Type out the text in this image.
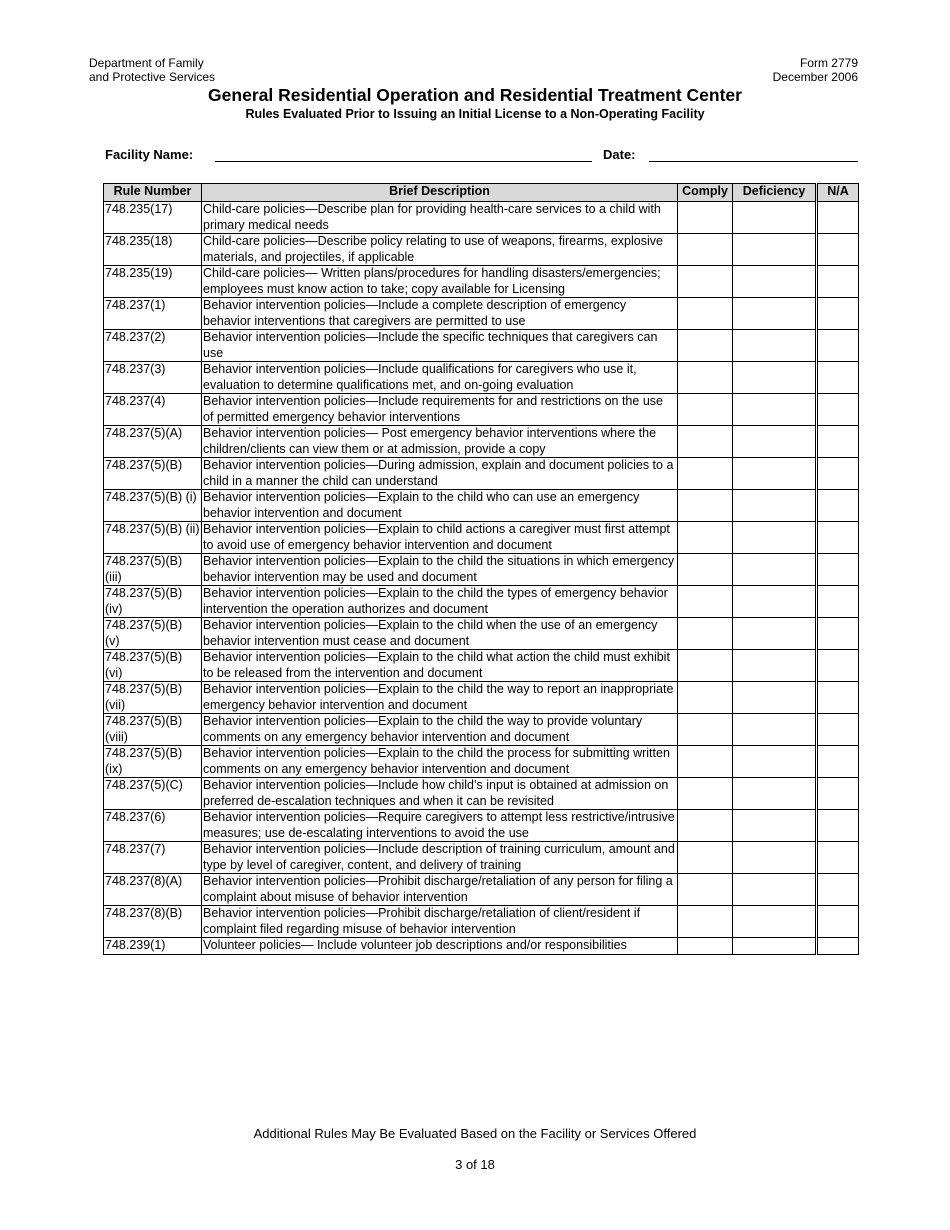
Department of Family
and Protective Services
Form 2779
December 2006
General Residential Operation and Residential Treatment Center
Rules Evaluated Prior to Issuing an Initial License to a Non-Operating Facility
Facility Name:	Date:
Rule Number	Brief Description	Comply	Deficiency	N/A
748.235(17)	Child-care policies—Describe plan for providing health-care services to a child with primary medical needs			
748.235(18)	Child-care policies—Describe policy relating to use of weapons, firearms, explosive materials, and projectiles, if applicable			
748.235(19)	Child-care policies— Written plans/procedures for handling disasters/emergencies; employees must know action to take; copy available for Licensing			
748.237(1)	Behavior intervention policies—Include a complete description of emergency behavior interventions that caregivers are permitted to use			
748.237(2)	Behavior intervention policies—Include the specific techniques that caregivers can use			
748.237(3)	Behavior intervention policies—Include qualifications for caregivers who use it, evaluation to determine qualifications met, and on-going evaluation			
748.237(4)	Behavior intervention policies—Include requirements for and restrictions on the use of permitted emergency behavior interventions			
748.237(5)(A)	Behavior intervention policies— Post emergency behavior interventions where the children/clients can view them or at admission, provide a copy			
748.237(5)(B)	Behavior intervention policies—During admission, explain and document policies to a child in a manner the child can understand			
748.237(5)(B) (i)	Behavior intervention policies—Explain to the child who can use an emergency behavior intervention and document			
748.237(5)(B) (ii)	Behavior intervention policies—Explain to child actions a caregiver must first attempt to avoid use of emergency behavior intervention and document			
748.237(5)(B) (iii)	Behavior intervention policies—Explain to the child the situations in which emergency behavior intervention may be used and document			
748.237(5)(B) (iv)	Behavior intervention policies—Explain to the child the types of emergency behavior intervention the operation authorizes and document			
748.237(5)(B) (v)	Behavior intervention policies—Explain to the child when the use of an emergency behavior intervention must cease and document			
748.237(5)(B) (vi)	Behavior intervention policies—Explain to the child what action the child must exhibit to be released from the intervention and document			
748.237(5)(B) (vii)	Behavior intervention policies—Explain to the child the way to report an inappropriate emergency behavior intervention and document			
748.237(5)(B) (viii)	Behavior intervention policies—Explain to the child the way to provide voluntary comments on any emergency behavior intervention and document			
748.237(5)(B) (ix)	Behavior intervention policies—Explain to the child the process for submitting written comments on any emergency behavior intervention and document			
748.237(5)(C)	Behavior intervention policies—Include how child’s input is obtained at admission on preferred de-escalation techniques and when it can be revisited			
748.237(6)	Behavior intervention policies—Require caregivers to attempt less restrictive/intrusive measures; use de-escalating interventions to avoid the use			
748.237(7)	Behavior intervention policies—Include description of training curriculum, amount and type by level of caregiver, content, and delivery of training			
748.237(8)(A)	Behavior intervention policies—Prohibit discharge/retaliation of any person for filing a complaint about misuse of behavior intervention			
748.237(8)(B)	Behavior intervention policies—Prohibit discharge/retaliation of client/resident if complaint filed regarding misuse of behavior intervention			
748.239(1)	Volunteer policies— Include volunteer job descriptions and/or responsibilities			
Additional Rules May Be Evaluated Based on the Facility or Services Offered
3 of 18
